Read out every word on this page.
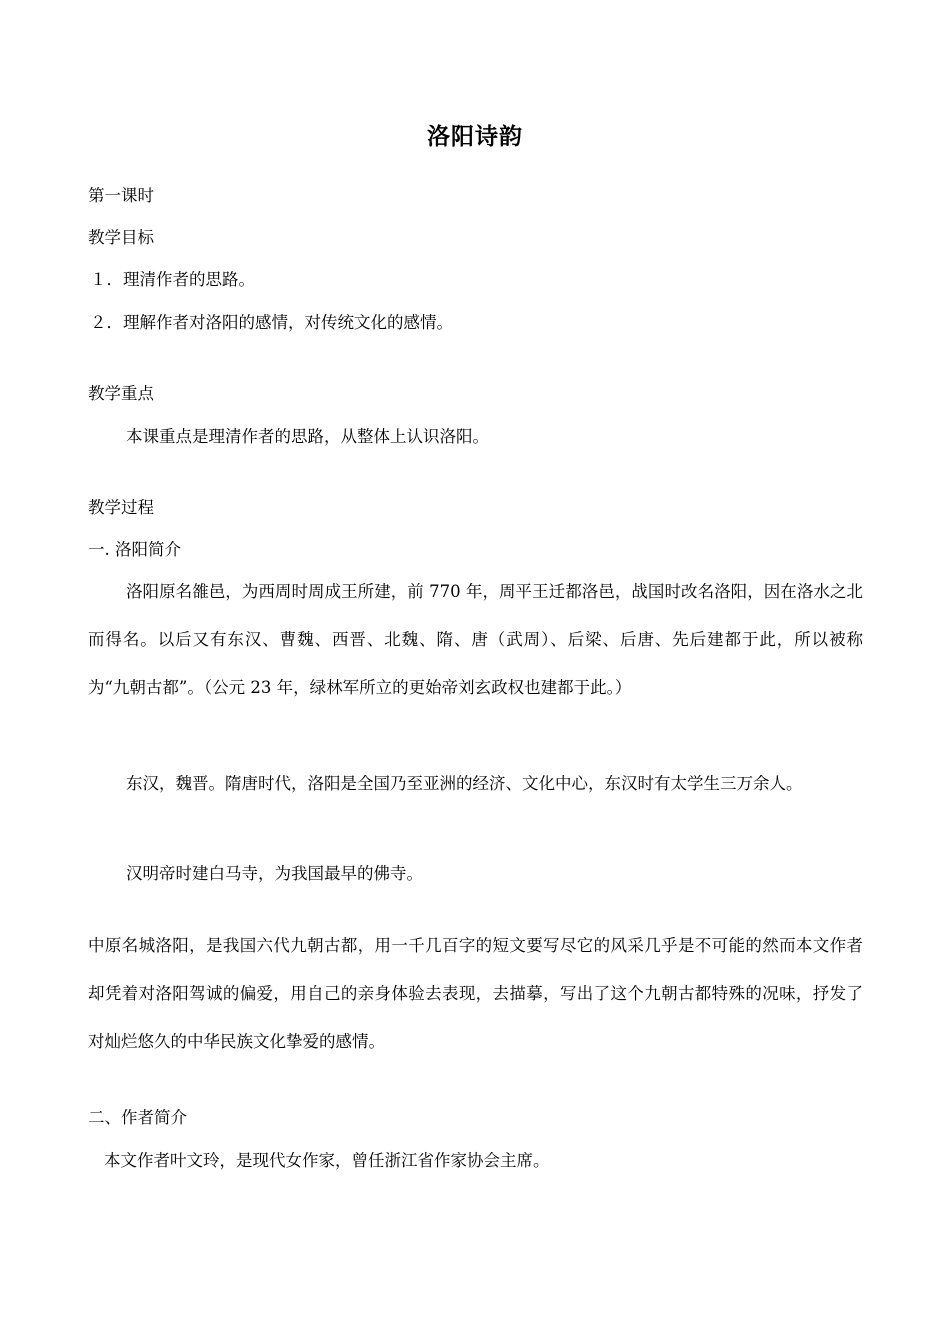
洛阳诗韵
第一课时
教学目标
１．理清作者的思路。
２．理解作者对洛阳的感情，对传统文化的感情。
教学重点
本课重点是理清作者的思路，从整体上认识洛阳。
教学过程
一. 洛阳简介
洛阳原名雒邑，为西周时周成王所建，前 770 年，周平王迁都洛邑，战国时改名洛阳，因在洛水之北而得名。以后又有东汉、曹魏、西晋、北魏、隋、唐（武周）、后梁、后唐、先后建都于此，所以被称为“九朝古都”。（公元 23 年，绿林军所立的更始帝刘玄政权也建都于此。）
东汉，魏晋。隋唐时代，洛阳是全国乃至亚洲的经济、文化中心，东汉时有太学生三万余人。
汉明帝时建白马寺，为我国最早的佛寺。
中原名城洛阳，是我国六代九朝古都，用一千几百字的短文要写尽它的风采几乎是不可能的然而本文作者却凭着对洛阳驾诚的偏爱，用自己的亲身体验去表现，去描摹，写出了这个九朝古都特殊的况味，抒发了对灿烂悠久的中华民族文化挚爱的感情。
二、作者简介
本文作者叶文玲，是现代女作家，曾任浙江省作家协会主席。
